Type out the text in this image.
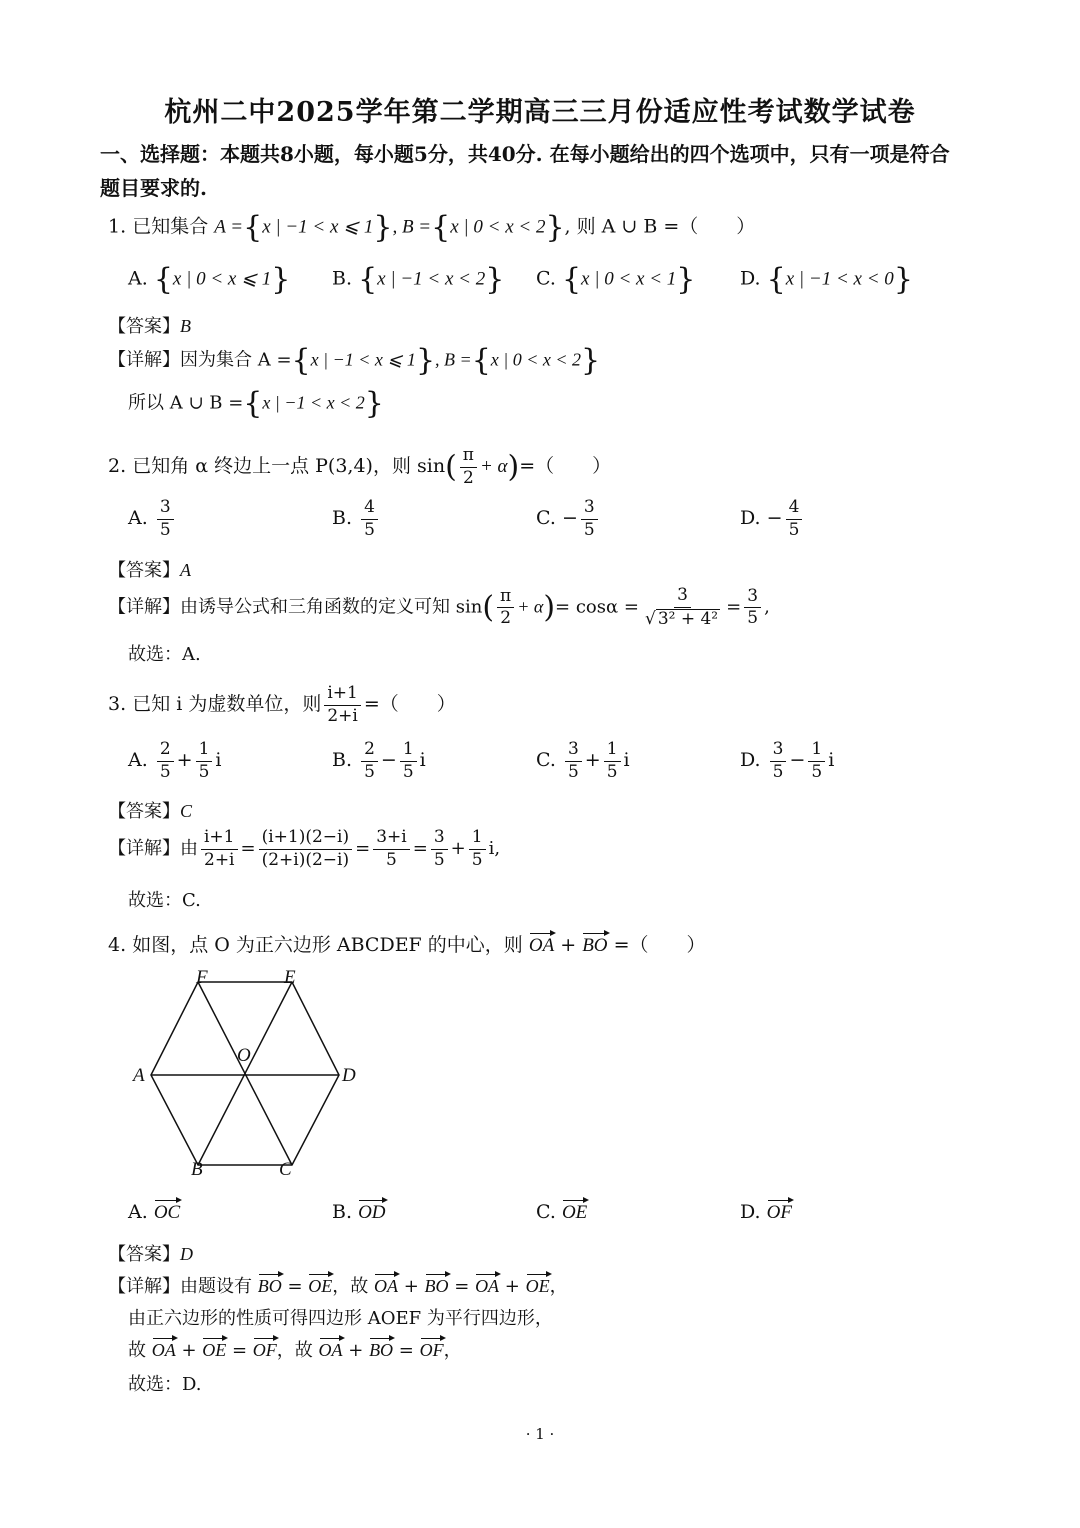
杭州二中2025学年第二学期高三三月份适应性考试数学试卷
一、选择题：本题共8小题，每小题5分，共40分. 在每小题给出的四个选项中，只有一项是符合
题目要求的.
1. 已知集合 A ={x | −1 < x ⩽ 1}, B ={x | 0 < x < 2}, 则 A ∪ B =（　　）
A. {x | 0 < x ⩽ 1} B. {x | −1 < x < 2} C. {x | 0 < x < 1} D. {x | −1 < x < 0}
【答案】B
【详解】因为集合 A ={x | −1 < x ⩽ 1}, B ={x | 0 < x < 2}
所以 A ∪ B ={x | −1 < x < 2}
2. 已知角 α 终边上一点 P(3,4)，则 $\sin( \frac{\pi}{2} + \alpha)=$（　　）
A. $\frac{3}{5}$	B. $\frac{4}{5}$	C. − $\frac{3}{5}$	D. − $\frac{4}{5}$
【答案】A
【详解】由诱导公式和三角函数的定义可知 $\sin( \frac{\pi}{2} + \alpha)= \cos\alpha = \frac{3}{\text{√ 3² + 4²}} = \frac{3}{5}$ ,
故选：A.
3. 已知 i 为虚数单位，则 $\frac{i+1}{2+i}$ =（　　）
A. $\frac{2}{5} + \frac{1}{5}$ i	B. $\frac{2}{5} - \frac{1}{5}$ i	C. $\frac{3}{5} + \frac{1}{5}$ i	D. $\frac{3}{5} - \frac{1}{5}$ i
【答案】C
【详解】由 $\frac{i+1}{2+i} = \frac{(i+1)(2-i)}{(2+i)(2-i)} = \frac{3+i}{5} = \frac{3}{5} + \frac{1}{5} i$,
故选：C.
4. 如图，点 O 为正六边形 ABCDEF 的中心，则 OA + BO =（　　）
F	E
A	D
O
B	C
A. OC	B. OD	C. OE	D. OF
【答案】D
【详解】由题设有 BO = OE，故 OA + BO = OA + OE，
由正六边形的性质可得四边形 AOEF 为平行四边形，
故 OA + OE = OF，故 OA + BO = OF，
故选：D.
· 1 ·
